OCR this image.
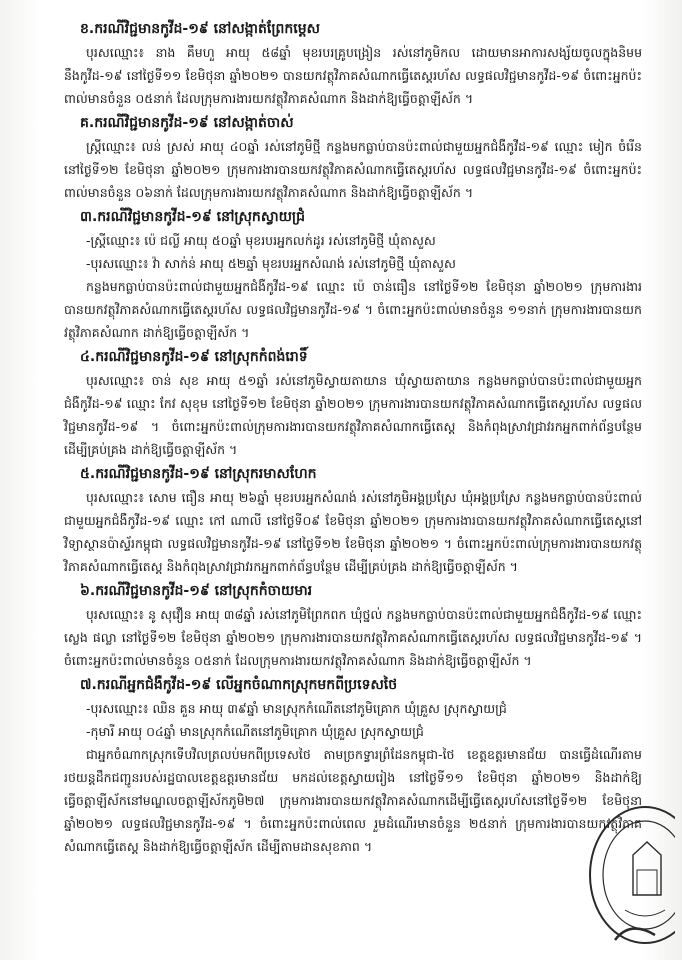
ខ.ករណីវិជ្ជមានកូវីដ-១៩ នៅសង្កាត់ព្រែកម្ដេស

បុរសឈ្មោះ៖ នាង គឹមហួ អាយុ ៥៨ឆ្នាំ មុខរបរគ្រូបង្រៀន រស់នៅភូមិកល ដោយមានអាការសង្ស័យចូលក្នុងនិមមនឹងកូវីដ-១៩ នៅថ្ងៃទី១១ ខែមិថុនា ឆ្នាំ២០២១ បានយកវត្ថុវិភាគសំណាកធ្វើតេស្តរហ័ស លទ្ធផលវិជ្ជមានកូវីដ-១៩ ចំពោះអ្នកប៉ះពាល់មានចំនួន ០៥នាក់ ដែលក្រុមការងារយកវត្ថុវិភាគសំណាក និងដាក់ឱ្យធ្វើចត្តាឡីស័ក ។

គ.ករណីវិជ្ជមានកូវីដ-១៩ នៅសង្កាត់ចាស់

ស្ត្រីឈ្មោះ៖ លន់ ស្រស់ អាយុ ៤០ឆ្នាំ រស់នៅភូមិថ្មី កន្លងមកធ្លាប់បានប៉ះពាល់ជាមួយអ្នកជំងឺកូវីដ-១៩ ឈ្មោះ មៀក ចំរើន នៅថ្ងៃទី១២ ខែមិថុនា ឆ្នាំ២០២១ ក្រុមការងារបានយកវត្ថុវិភាគសំណាកធ្វើតេស្តរហ័ស លទ្ធផលវិជ្ជមានកូវីដ-១៩ ចំពោះអ្នកប៉ះពាល់មានចំនួន ០៦នាក់ ដែលក្រុមការងារយកវត្ថុវិភាគសំណាក និងដាក់ឱ្យធ្វើចត្តាឡីស័ក ។

៣.ករណីវិជ្ជមានកូវីដ-១៩ នៅស្រុកស្វាយជ្រំ
-ស្ត្រីឈ្មោះ៖ ប៉េ ជល្លី អាយុ ៥០ឆ្នាំ មុខរបរអ្នកលក់ដូរ រស់នៅភូមិថ្មី ឃុំតាសួស
-បុរសឈ្មោះ៖ វ៉ា សាក់ន់ អាយុ ៥២ឆ្នាំ មុខរបរអ្នកសំណង់ រស់នៅភូមិថ្មី ឃុំតាសួស

កន្លងមកធ្លាប់បានប៉ះពាល់ជាមួយអ្នកជំងឺកូវីដ-១៩ ឈ្មោះ ប៉េ ចាន់ធឿន នៅថ្ងៃទី១២ ខែមិថុនា ឆ្នាំ២០២១ ក្រុមការងារបានយកវត្ថុវិភាគសំណាកធ្វើតេស្តរហ័ស លទ្ធផលវិជ្ជមានកូវីដ-១៩ ។ ចំពោះអ្នកប៉ះពាល់មានចំនួន ១១នាក់ ក្រុមការងារបានយកវត្ថុវិភាគសំណាក ដាក់ឱ្យធ្វើចត្តាឡីស័ក ។

៤.ករណីវិជ្ជមានកូវីដ-១៩ នៅស្រុកកំពង់រោទិ៍

បុរសឈ្មោះ៖ ចាន់ សុខ អាយុ ៥១ឆ្នាំ រស់នៅភូមិស្វាយតាយាន ឃុំស្វាយតាយាន កន្លងមកធ្លាប់បានប៉ះពាល់ជាមួយអ្នកជំងឺកូវីដ-១៩ ឈ្មោះ កែវ សុខុម នៅថ្ងៃទី១២ ខែមិថុនា ឆ្នាំ២០២១ ក្រុមការងារបានយកវត្ថុវិភាគសំណាកធ្វើតេស្តរហ័ស លទ្ធផលវិជ្ជមានកូវីដ-១៩ ។ ចំពោះអ្នកប៉ះពាល់ក្រុមការងារបានយកវត្ថុវិភាគសំណាកធ្វើតេស្ត និងកំពុងស្រាវជ្រាវរកអ្នកពាក់ព័ន្ធបន្ថែម ដើម្បីគ្រប់គ្រង ដាក់ឱ្យធ្វើចត្តាឡីស័ក ។

៥.ករណីវិជ្ជមានកូវីដ-១៩ នៅស្រុករមាសហែក

បុរសឈ្មោះ៖ សោម ធឿន អាយុ ២៦ឆ្នាំ មុខរបរអ្នកសំណង់ រស់នៅភូមិអង្គប្រស្រែ ឃុំអង្គប្រស្រែ កន្លងមកធ្លាប់បានប៉ះពាល់ជាមួយអ្នកជំងឺកូវីដ-១៩ ឈ្មោះ កៅ ណាលី នៅថ្ងៃទី០៩ ខែមិថុនា ឆ្នាំ២០២១ ក្រុមការងារបានយកវត្ថុវិភាគសំណាកធ្វើតេស្តនៅវិទ្យាស្ថានប៉ាស្ទ័រកម្ពុជា លទ្ធផលវិជ្ជមានកូវីដ-១៩ នៅថ្ងៃទី១២ ខែមិថុនា ឆ្នាំ២០២១ ។ ចំពោះអ្នកប៉ះពាល់ក្រុមការងារបានយកវត្ថុវិភាគសំណាកធ្វើតេស្ត និងកំពុងស្រាវជ្រាវរកអ្នកពាក់ព័ន្ធបន្ថែម ដើម្បីគ្រប់គ្រង ដាក់ឱ្យធ្វើចត្តាឡីស័ក ។

៦.ករណីវិជ្ជមានកូវីដ-១៩ នៅស្រុកកំចាយមារ

បុរសឈ្មោះ៖ នូ សុវឿន អាយុ ៣៨ឆ្នាំ រស់នៅភូមិព្រែកពក ឃុំថ្នល់ កន្លងមកធ្លាប់បានប៉ះពាល់ជាមួយអ្នកជំងឺកូវីដ-១៩ ឈ្មោះ ស្លេង ផល្លា នៅថ្ងៃទី១២ ខែមិថុនា ឆ្នាំ២០២១ ក្រុមការងារបានយកវត្ថុវិភាគសំណាកធ្វើតេស្តរហ័ស លទ្ធផលវិជ្ជមានកូវីដ-១៩ ។ ចំពោះអ្នកប៉ះពាល់មានចំនួន ០៥នាក់ ដែលក្រុមការងារយកវត្ថុវិភាគសំណាក និងដាក់ឱ្យធ្វើចត្តាឡីស័ក ។

៧.ករណីអ្នកជំងឺកូវីដ-១៩ លើអ្នកចំណាកស្រុកមកពីប្រទេសថៃ
-បុរសឈ្មោះ៖ ឈិន គួន អាយុ ៣៩ឆ្នាំ មានស្រុកកំណើតនៅភូមិគ្រោក ឃុំគ្រួស ស្រុកស្វាយជ្រំ
-កុមារី អាយុ ០៤ឆ្នាំ មានស្រុកកំណើតនៅភូមិគ្រោក ឃុំគ្រួស ស្រុកស្វាយជ្រំ

ជាអ្នកចំណាកស្រុកទើបវិលត្រលប់មកពីប្រទេសថៃ តាមច្រកទ្វារព្រំដែនកម្ពុជា-ថៃ ខេត្តឧត្តរមានជ័យ បានធ្វើដំណើរតាមរថយន្តដឹកជញ្ជូនរបស់រដ្ឋបាលខេត្តឧត្តរមានជ័យ មកដល់ខេត្តស្វាយរៀង នៅថ្ងៃទី១១ ខែមិថុនា ឆ្នាំ២០២១ និងដាក់ឱ្យធ្វើចត្តាឡីស័កនៅមណ្ឌលចត្តាឡីស័កភូមិ២៧ ក្រុមការងារបានយកវត្ថុវិភាគសំណាកដើម្បីធ្វើតេស្តរហ័សនៅថ្ងៃទី១២ ខែមិថុនា ឆ្នាំ២០២១ លទ្ធផលវិជ្ជមានកូវីដ-១៩ ។ ចំពោះអ្នកប៉ះពាល់ពេល រួមដំណើរមានចំនួន ២៥នាក់ ក្រុមការងារបានយកវត្ថុវិភាគសំណាកធ្វើតេស្ត និងដាក់ឱ្យធ្វើចត្តាឡីស័ក ដើម្បីតាមដានសុខភាព ។
